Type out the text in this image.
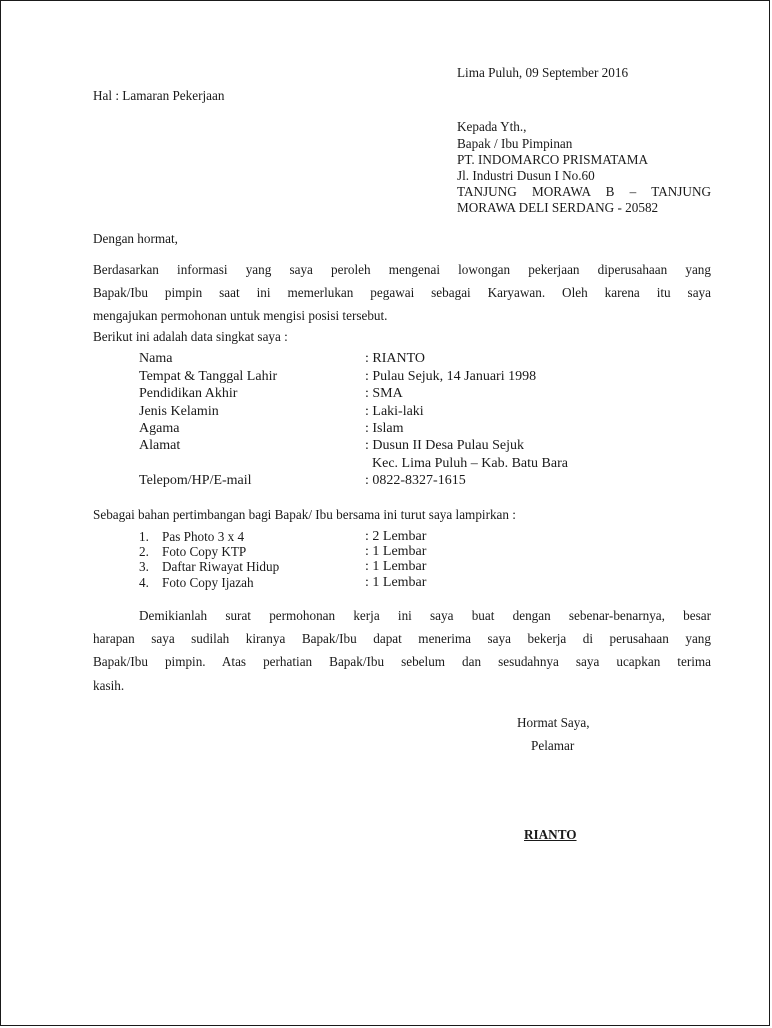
Lima Puluh, 09 September 2016
Hal : Lamaran Pekerjaan
Kepada Yth.,
Bapak / Ibu Pimpinan
PT. INDOMARCO PRISMATAMA
Jl. Industri Dusun I No.60
TANJUNG MORAWA B – TANJUNG
MORAWA DELI SERDANG - 20582
Dengan hormat,
Berdasarkan informasi yang saya peroleh mengenai lowongan pekerjaan diperusahaan yang
Bapak/Ibu pimpin saat ini memerlukan pegawai sebagai Karyawan. Oleh karena itu saya
mengajukan permohonan untuk mengisi posisi tersebut.
Berikut ini adalah data singkat saya :
Nama	: RIANTO
Tempat & Tanggal Lahir	: Pulau Sejuk, 14 Januari 1998
Pendidikan Akhir	: SMA
Jenis Kelamin	: Laki-laki
Agama	: Islam
Alamat	: Dusun II Desa Pulau Sejuk
Kec. Lima Puluh – Kab. Batu Bara
Telepom/HP/E-mail	: 0822-8327-1615
Sebagai bahan pertimbangan bagi Bapak/ Ibu bersama ini turut saya lampirkan :
1. Pas Photo 3 x 4	: 2 Lembar
2. Foto Copy KTP	: 1 Lembar
3. Daftar Riwayat Hidup	: 1 Lembar
4. Foto Copy Ijazah	: 1 Lembar
Demikianlah surat permohonan kerja ini saya buat dengan sebenar-benarnya, besar
harapan saya sudilah kiranya Bapak/Ibu dapat menerima saya bekerja di perusahaan yang
Bapak/Ibu pimpin. Atas perhatian Bapak/Ibu sebelum dan sesudahnya saya ucapkan terima
kasih.
Hormat Saya,
Pelamar
RIANTO
